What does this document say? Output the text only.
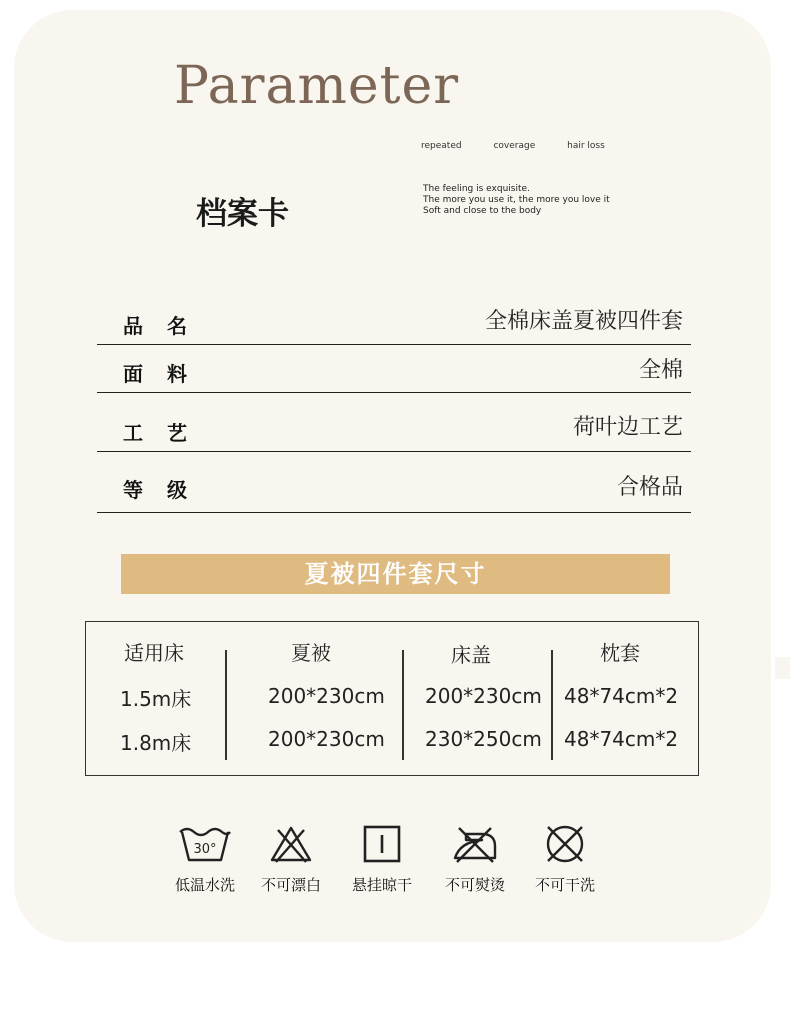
Parameter
repeated	coverage	hair loss
档案卡
The feeling is exquisite.
The more you use it, the more you love it
Soft and close to the body
品名	全棉床盖夏被四件套
面料	全棉
工艺	荷叶边工艺
等级	合格品
夏被四件套尺寸
适用床	夏被	床盖	枕套
1.5m床	200*230cm 200*230cm 48*74cm*2
1.8m床	200*230cm 230*250cm 48*74cm*2
30°
低温水洗	不可漂白	悬挂晾干	不可熨烫	不可干洗
